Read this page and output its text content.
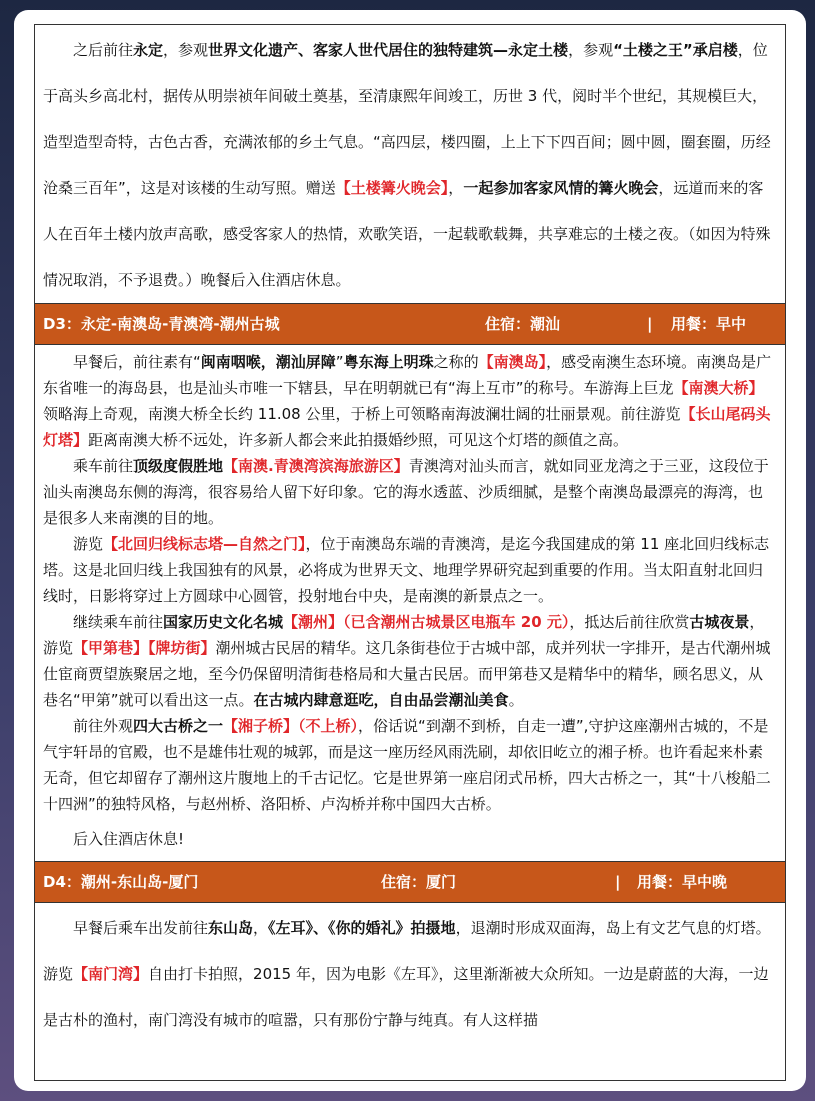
之后前往永定，参观世界文化遗产、客家人世代居住的独特建筑—永定土楼，参观“土楼之王”承启楼，位于高头乡高北村，据传从明崇祯年间破土奠基，至清康熙年间竣工，历世 3 代，阅时半个世纪，其规模巨大，造型造型奇特，古色古香，充满浓郁的乡土气息。“高四层，楼四圈，上上下下四百间；圆中圆，圈套圈，历经沧桑三百年”，这是对该楼的生动写照。赠送【土楼篝火晚会】，一起参加客家风情的篝火晚会，远道而来的客人在百年土楼内放声高歌，感受客家人的热情，欢歌笑语，一起载歌载舞，共享难忘的土楼之夜。（如因为特殊情况取消，不予退费。）晚餐后入住酒店休息。

D3：永定-南澳岛-青澳湾-潮州古城	住宿：潮汕	| 用餐：早中

早餐后，前往素有“闽南咽喉，潮汕屏障”粤东海上明珠之称的【南澳岛】，感受南澳生态环境。南澳岛是广东省唯一的海岛县，也是汕头市唯一下辖县，早在明朝就已有“海上互市”的称号。车游海上巨龙【南澳大桥】领略海上奇观，南澳大桥全长约 11.08 公里，于桥上可领略南海波澜壮阔的壮丽景观。前往游览【长山尾码头灯塔】距离南澳大桥不远处，许多新人都会来此拍摄婚纱照，可见这个灯塔的颜值之高。

乘车前往顶级度假胜地【南澳.青澳湾滨海旅游区】青澳湾对汕头而言，就如同亚龙湾之于三亚，这段位于汕头南澳岛东侧的海湾，很容易给人留下好印象。它的海水透蓝、沙质细腻，是整个南澳岛最漂亮的海湾，也是很多人来南澳的目的地。

游览【北回归线标志塔—自然之门】，位于南澳岛东端的青澳湾，是迄今我国建成的第 11 座北回归线标志塔。这是北回归线上我国独有的风景，必将成为世界天文、地理学界研究起到重要的作用。当太阳直射北回归线时，日影将穿过上方圆球中心圆管，投射地台中央，是南澳的新景点之一。

继续乘车前往国家历史文化名城【潮州】（已含潮州古城景区电瓶车 20 元），抵达后前往欣赏古城夜景，游览【甲第巷】【牌坊街】潮州城古民居的精华。这几条街巷位于古城中部，成并列状一字排开，是古代潮州城仕宦商贾望族聚居之地，至今仍保留明清街巷格局和大量古民居。而甲第巷又是精华中的精华，顾名思义，从巷名“甲第”就可以看出这一点。在古城内肆意逛吃，自由品尝潮汕美食。

前往外观四大古桥之一【湘子桥】（不上桥），俗话说“到潮不到桥，自走一遭”,守护这座潮州古城的，不是气宇轩昂的官殿，也不是雄伟壮观的城郭，而是这一座历经风雨洗刷，却依旧屹立的湘子桥。也许看起来朴素无奇，但它却留存了潮州这片腹地上的千古记忆。它是世界第一座启闭式吊桥，四大古桥之一，其“十八梭船二十四洲”的独特风格，与赵州桥、洛阳桥、卢沟桥并称中国四大古桥。

后入住酒店休息!

D4：潮州-东山岛-厦门	住宿：厦门	| 用餐：早中晚

早餐后乘车出发前往东山岛，《左耳》、《你的婚礼》拍摄地，退潮时形成双面海，岛上有文艺气息的灯塔。 游览【南门湾】自由打卡拍照，2015 年，因为电影《左耳》，这里渐渐被大众所知。一边是蔚蓝的大海，一边是古朴的渔村，南门湾没有城市的喧嚣，只有那份宁静与纯真。有人这样描
